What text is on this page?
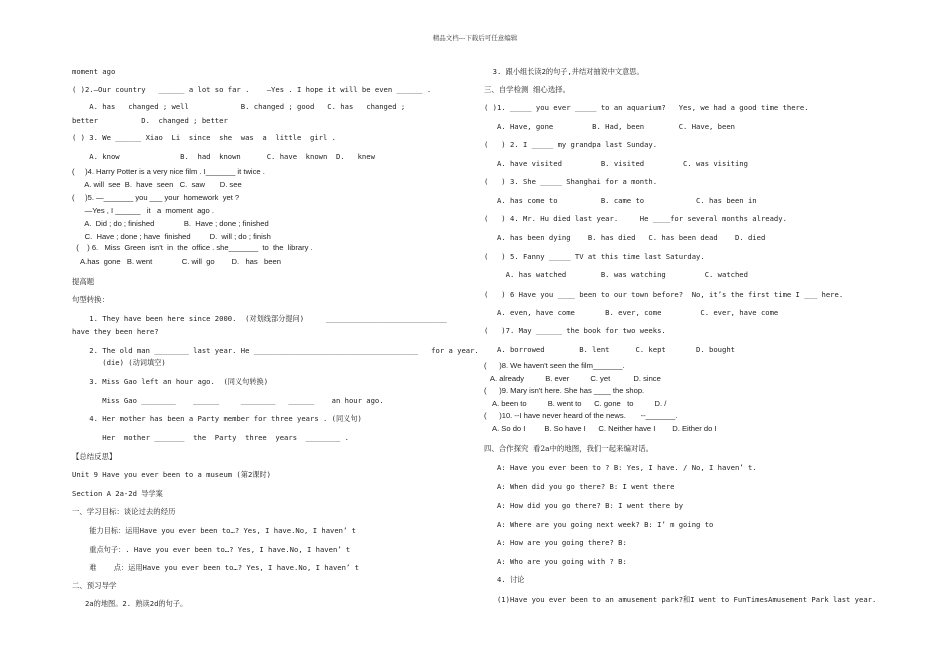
精品文档---下载后可任意编辑
moment ago
( )2.—Our country   ______ a lot so far .    —Yes . I hope it will be even ______ .
A. has   changed ; well            B. changed ; good   C. has   changed ;
better          D.  changed ; better
( ) 3. We ______ Xiao  Li  since  she  was  a  little  girl .
A. know              B.  had  known      C. have  known  D.   knew
(     )4. Harry Potter is a very nice film . I_______ it twice .
A. will  see  B.  have  seen   C.  saw       D. see
(     )5. —_______ you ___ your  homework  yet ?
—Yes , I ______   it   a  moment  ago .
A.  Did ; do ; finished              B.  Have ; done ; finished
C.  Have ; done ; have  finished         D.  will ; do ; finish
(    ) 6.   Miss  Green  isn't  in  the  office . she_______  to  the  library .
A.has  gone   B. went              C. will  go        D.   has   been
提高题
句型转换：
1. They have been here since 2000.  (对划线部分提问)     ____________________________
have they been here?
2. The old man ________ last year. He ______________________________________   for a year.
(die) (动词填空)
3. Miss Gao left an hour ago.  (同义句转换)
Miss Gao ________    ______     ________   ______    an hour ago.
4. Her mother has been a Party member for three years . (同义句)
Her  mother _______  the  Party  three  years  ________ .
【总结反思】
Unit 9 Have you ever been to a museum (第2课时)
Section A 2a-2d 导学案
一、学习目标：谈论过去的经历
能力目标：运用Have you ever been to…? Yes, I have.No, I haven’ t
重点句子：. Have you ever been to…? Yes, I have.No, I haven’ t
难    点：运用Have you ever been to…? Yes, I have.No, I haven’ t
二、预习导学
2a的地图。2. 熟读2d的句子。
3. 跟小组长读2的句子,并结对抽说中文意思。
三、自学检测  细心选择。
( )1. _____ you ever _____ to an aquarium?   Yes, we had a good time there.
A. Have, gone         B. Had, been        C. Have, been
(   ) 2. I _____ my grandpa last Sunday.
A. have visited         B. visited         C. was visiting
(   ) 3. She _____ Shanghai for a month.
A. has come to          B. came to            C. has been in
(   ) 4. Mr. Hu died last year.     He ____for several months already.
A. has been dying    B. has died   C. has been dead    D. died
(   ) 5. Fanny _____ TV at this time last Saturday.
A. has watched        B. was watching         C. watched
(   ) 6 Have you ____ been to our town before?  No, it’s the first time I ___ here.
A. even, have come       B. ever, come         C. ever, have come
(   )7. May ______ the book for two weeks.
A. borrowed        B. lent      C. kept       D. bought
(      )8. We haven't seen the film_______.
A. already          B. ever          C. yet           D. since
(      )9. Mary isn't here. She has ____ the shop.
A. been to          B. went to      C. gone   to          D. /
(      )10. --I have never heard of the news.       --_______.
A. So do I         B. So have I      C. Neither have I        D. Either do I
四、合作探究  看2a中的地图，我们一起来编对话。
A: Have you ever been to ? B: Yes, I have. / No, I haven’ t.
A: When did you go there? B: I went there
A: How did you go there? B: I went there by
A: Where are you going next week? B: I’ m going to
A: How are you going there? B:
A: Who are you going with ? B:
4. 讨论
(1)Have you ever been to an amusement park?和I went to FunTimesAmusement Park last year.
